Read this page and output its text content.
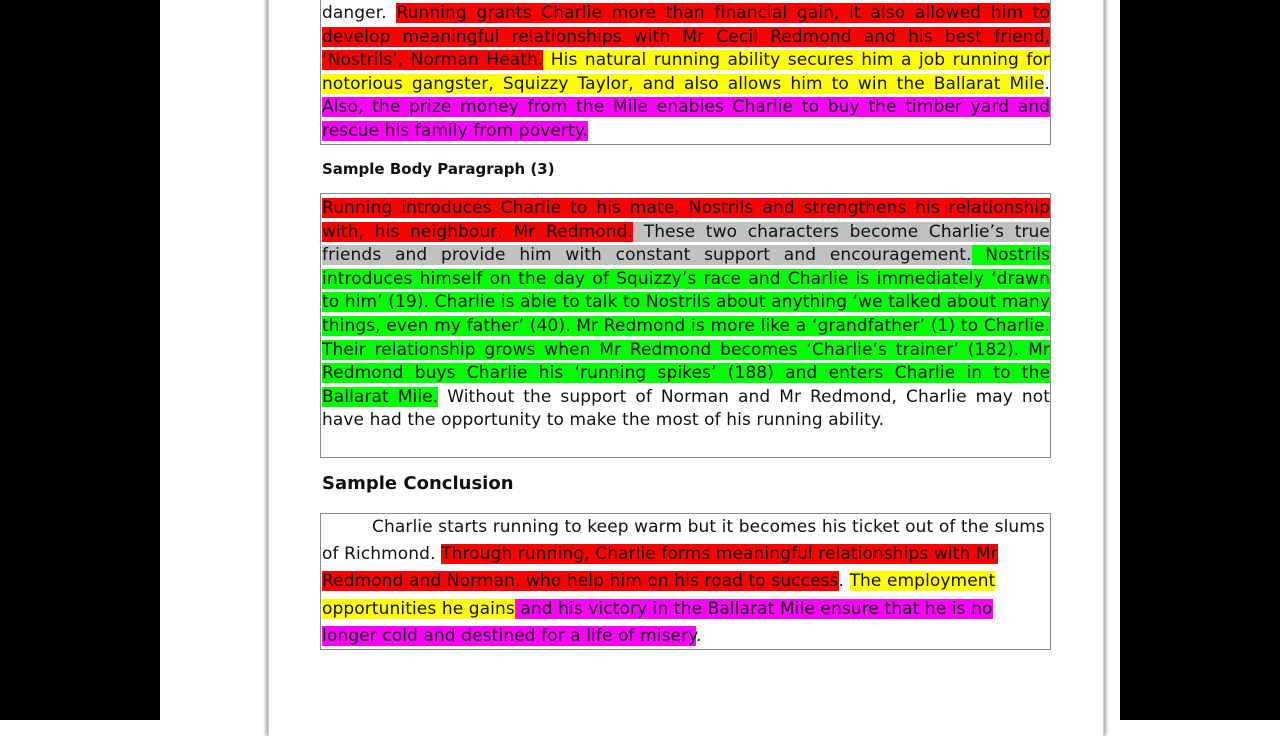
danger. Running grants Charlie more than financial gain, it also allowed him to develop meaningful relationships with Mr Cecil Redmond and his best friend, ‘Nostrils’, Norman Heath. His natural running ability secures him a job running for notorious gangster, Squizzy Taylor, and also allows him to win the Ballarat Mile. Also, the prize money from the Mile enables Charlie to buy the timber yard and rescue his family from poverty.

Sample Body Paragraph (3)

Running introduces Charlie to his mate, Nostrils and strengthens his relationship with, his neighbour, Mr Redmond. These two characters become Charlie’s true friends and provide him with constant support and encouragement. Nostrils introduces himself on the day of Squizzy’s race and Charlie is immediately ‘drawn to him’ (19). Charlie is able to talk to Nostrils about anything ‘we talked about many things, even my father’ (40). Mr Redmond is more like a ‘grandfather’ (1) to Charlie. Their relationship grows when Mr Redmond becomes ‘Charlie’s trainer’ (182). Mr Redmond buys Charlie his ‘running spikes’ (188) and enters Charlie in to the Ballarat Mile. Without the support of Norman and Mr Redmond, Charlie may not have had the opportunity to make the most of his running ability.

Sample Conclusion

Charlie starts running to keep warm but it becomes his ticket out of the slums of Richmond. Through running, Charlie forms meaningful relationships with Mr Redmond and Norman, who help him on his road to success. The employment opportunities he gains and his victory in the Ballarat Mile ensure that he is no longer cold and destined for a life of misery.
